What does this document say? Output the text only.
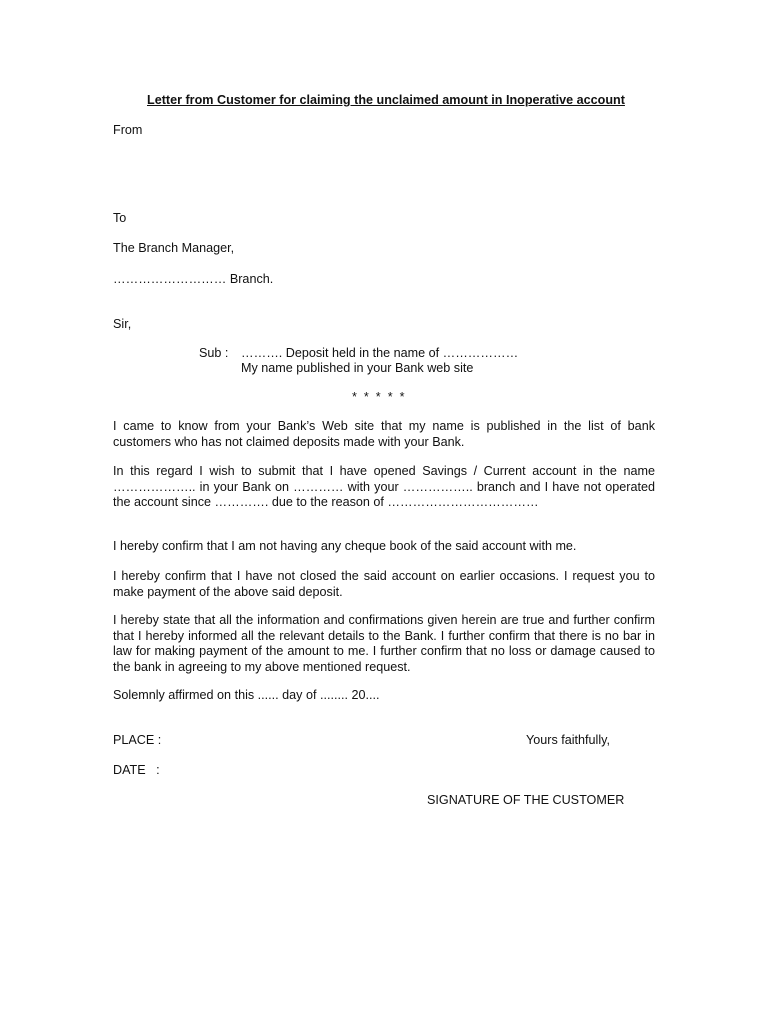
Letter from Customer for claiming the unclaimed amount in Inoperative account
From
To
The Branch Manager,
……………………… Branch.
Sir,
Sub : ………. Deposit held in the name of ………………
My name published in your Bank web site
*  *  *  *  *
I came to know from your Bank’s Web site that my name is published in the list of bank
customers who has not claimed deposits made with your Bank.
In this regard I wish to submit that I have opened Savings / Current account in the name
……………….. in your Bank on ………… with your …………….. branch and I have not operated
the account since …………. due to the reason of ………………………………
I hereby confirm that I am not having any cheque book of the said account with me.
I hereby confirm that I have not closed the said account on earlier occasions. I request you to
make payment of the above said deposit.
I hereby state that all the information and confirmations given herein are true and further confirm
that I hereby informed all the relevant details to the Bank. I further confirm that there is no bar in
law for making payment of the amount to me. I further confirm that no loss or damage caused to
the bank in agreeing to my above mentioned request.
Solemnly affirmed on this ...... day of ........ 20....
PLACE :	Yours faithfully,
DATE   :
SIGNATURE OF THE CUSTOMER
